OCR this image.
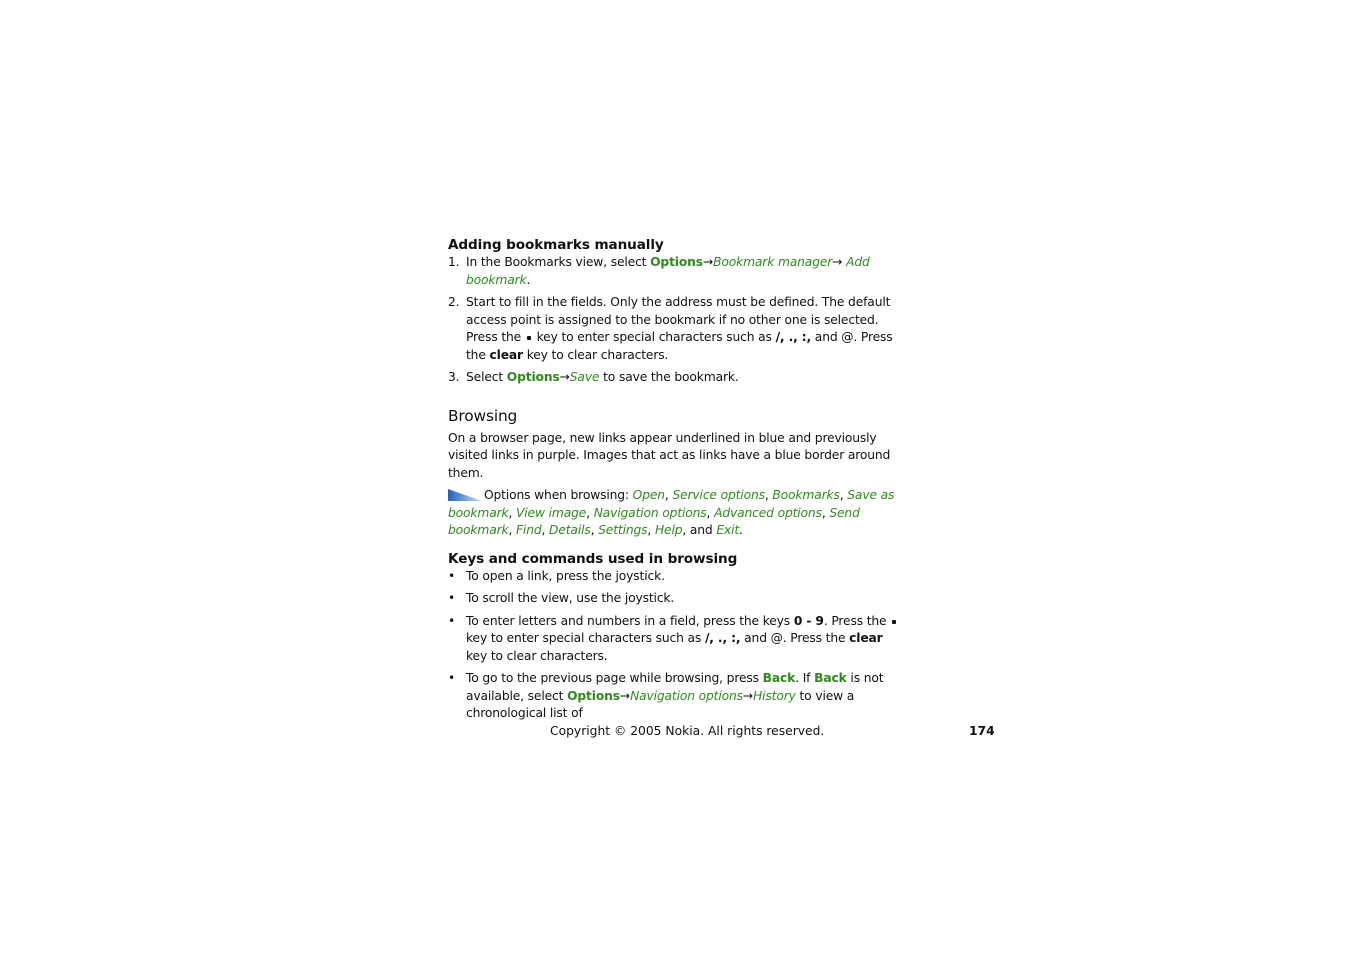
Adding bookmarks manually
1. In the Bookmarks view, select Options→Bookmark manager→ Add bookmark.
2. Start to fill in the fields. Only the address must be defined. The default access point is assigned to the bookmark if no other one is selected. Press the  key to enter special characters such as /, ., :, and @. Press the clear key to clear characters.
3. Select Options→Save to save the bookmark.
Browsing

On a browser page, new links appear underlined in blue and previously visited links in purple. Images that act as links have a blue border around them.

Options when browsing: Open, Service options, Bookmarks, Save as bookmark, View image, Navigation options, Advanced options, Send bookmark, Find, Details, Settings, Help, and Exit.

Keys and commands used in browsing
• To open a link, press the joystick.
• To scroll the view, use the joystick.
• To enter letters and numbers in a field, press the keys 0 - 9. Press the  key to enter special characters such as /, ., :, and @. Press the clear key to clear characters.
• To go to the previous page while browsing, press Back. If Back is not available, select Options→Navigation options→History to view a chronological list of
Copyright © 2005 Nokia. All rights reserved.	174
